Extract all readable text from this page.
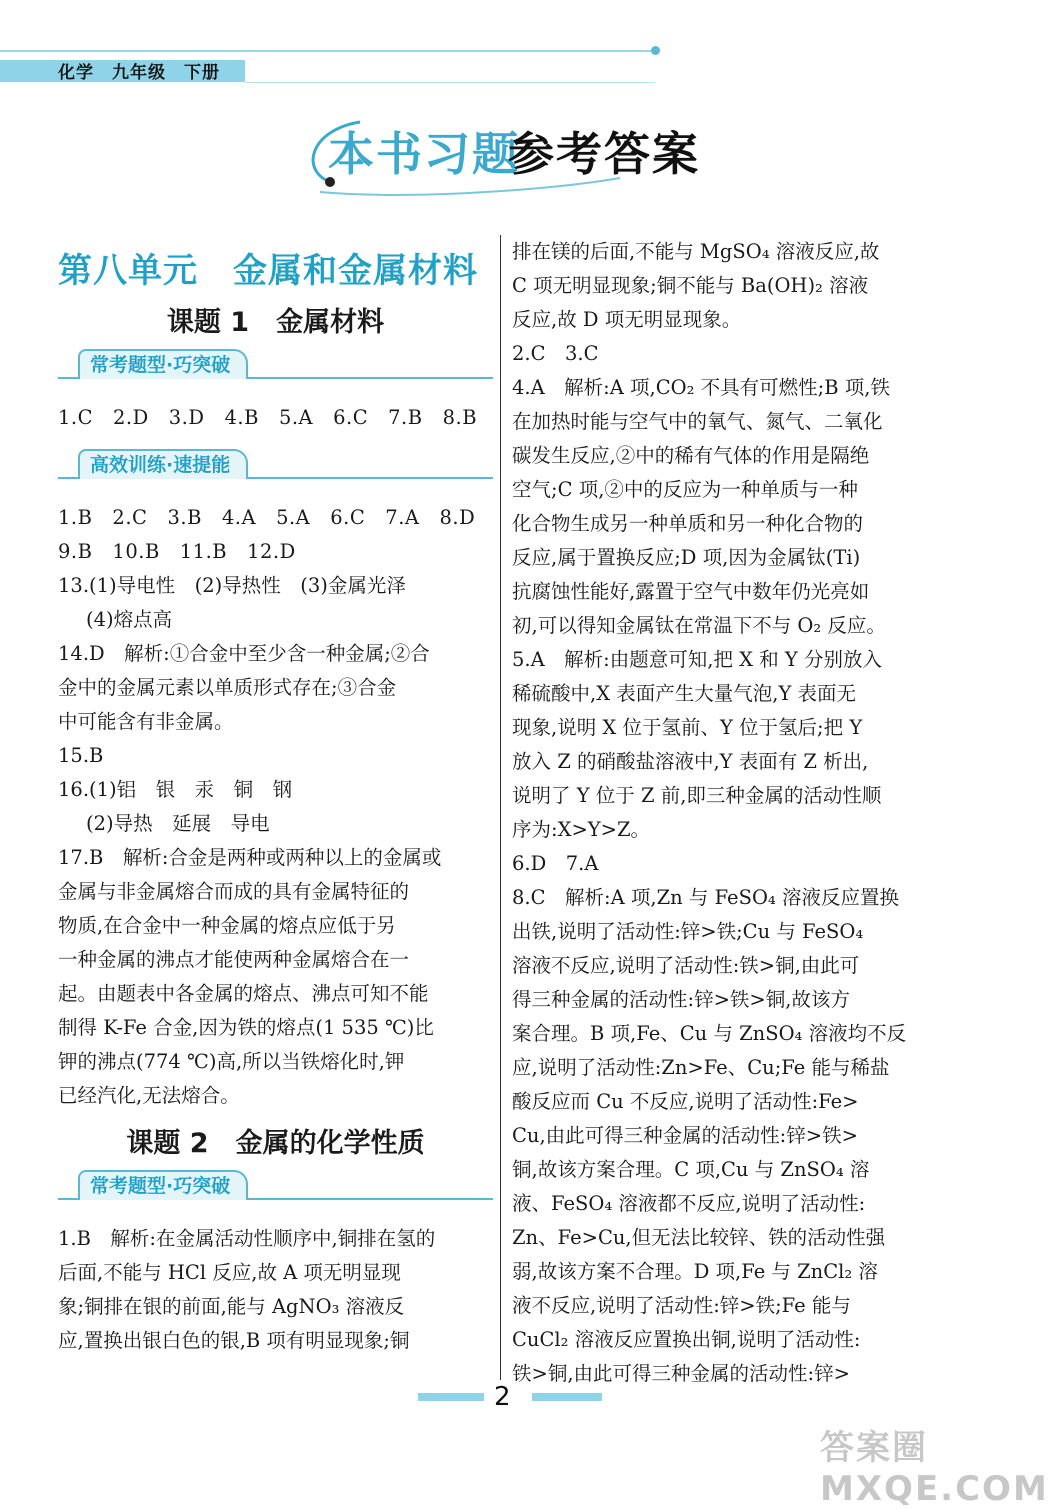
化学　九年级　下册
本书习题
参考答案
第八单元　金属和金属材料
课题 1　金属材料
常考题型·巧突破
1.C　2.D　3.D　4.B　5.A　6.C　7.B　8.B
高效训练·速提能
1.B　2.C　3.B　4.A　5.A　6.C　7.A　8.D
9.B　10.B　11.B　12.D
13.(1)导电性　(2)导热性　(3)金属光泽
(4)熔点高
14.D　解析:①合金中至少含一种金属;②合
金中的金属元素以单质形式存在;③合金
中可能含有非金属。
15.B
16.(1)铝　银　汞　铜　钢
(2)导热　延展　导电
17.B　解析:合金是两种或两种以上的金属或
金属与非金属熔合而成的具有金属特征的
物质,在合金中一种金属的熔点应低于另
一种金属的沸点才能使两种金属熔合在一
起。由题表中各金属的熔点、沸点可知不能
制得 K-Fe 合金,因为铁的熔点(1 535 ℃)比
钾的沸点(774 ℃)高,所以当铁熔化时,钾
已经汽化,无法熔合。
课题 2　金属的化学性质
常考题型·巧突破
1.B　解析:在金属活动性顺序中,铜排在氢的
后面,不能与 HCl 反应,故 A 项无明显现
象;铜排在银的前面,能与 AgNO₃ 溶液反
应,置换出银白色的银,B 项有明显现象;铜
排在镁的后面,不能与 MgSO₄ 溶液反应,故
C 项无明显现象;铜不能与 Ba(OH)₂ 溶液
反应,故 D 项无明显现象。
2.C　3.C
4.A　解析:A 项,CO₂ 不具有可燃性;B 项,铁
在加热时能与空气中的氧气、氮气、二氧化
碳发生反应,②中的稀有气体的作用是隔绝
空气;C 项,②中的反应为一种单质与一种
化合物生成另一种单质和另一种化合物的
反应,属于置换反应;D 项,因为金属钛(Ti)
抗腐蚀性能好,露置于空气中数年仍光亮如
初,可以得知金属钛在常温下不与 O₂ 反应。
5.A　解析:由题意可知,把 X 和 Y 分别放入
稀硫酸中,X 表面产生大量气泡,Y 表面无
现象,说明 X 位于氢前、Y 位于氢后;把 Y
放入 Z 的硝酸盐溶液中,Y 表面有 Z 析出,
说明了 Y 位于 Z 前,即三种金属的活动性顺
序为:X>Y>Z。
6.D　7.A
8.C　解析:A 项,Zn 与 FeSO₄ 溶液反应置换
出铁,说明了活动性:锌>铁;Cu 与 FeSO₄
溶液不反应,说明了活动性:铁>铜,由此可
得三种金属的活动性:锌>铁>铜,故该方
案合理。B 项,Fe、Cu 与 ZnSO₄ 溶液均不反
应,说明了活动性:Zn>Fe、Cu;Fe 能与稀盐
酸反应而 Cu 不反应,说明了活动性:Fe>
Cu,由此可得三种金属的活动性:锌>铁>
铜,故该方案合理。C 项,Cu 与 ZnSO₄ 溶
液、FeSO₄ 溶液都不反应,说明了活动性:
Zn、Fe>Cu,但无法比较锌、铁的活动性强
弱,故该方案不合理。D 项,Fe 与 ZnCl₂ 溶
液不反应,说明了活动性:锌>铁;Fe 能与
CuCl₂ 溶液反应置换出铜,说明了活动性:
铁>铜,由此可得三种金属的活动性:锌>
2
答案圈 MXQE.COM
